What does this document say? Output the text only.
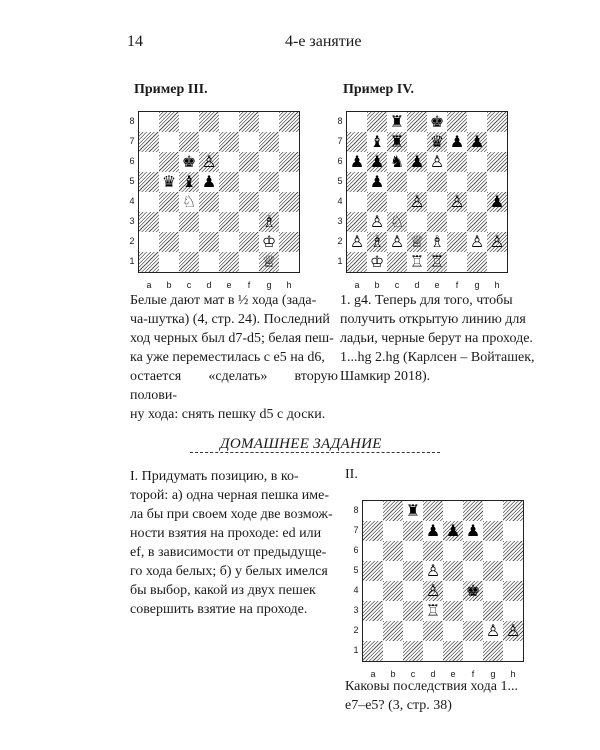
14	4-е занятие
Пример III.
8
7
6
5
4
3
2
1
a	b	c	d	e	f	g	h
♚ ♙
♛ ♝ ♟
♘
♗
♔
♕
Белые дают мат в ½ хода (зада-
ча-шутка) (4, стр. 24). Последний
ход черных был d7-d5; белая пеш-
ка уже переместилась с e5 на d6,
остается «сделать» вторую полови-
ну хода: снять пешку d5 с доски.
Пример IV.
8
7
6
5
4
3
2
1
a	b	c	d	e	f	g	h
♜ ♚
♝ ♜ ♛ ♟ ♟
♟ ♟ ♞ ♟ ♙
♟
♙ ♙ ♟
♙ ♘
♙ ♗ ♙ ♕ ♗ ♙ ♙
♔ ♖ ♖
1. g4. Теперь для того, чтобы
получить открытую линию для
ладьи, черные берут на проходе.
1...hg 2.hg (Карлсен – Войташек,
Шамкир 2018).
ДОМАШНЕЕ ЗАДАНИЕ
I. Придумать позицию, в ко-
торой: а) одна черная пешка име-
ла бы при своем ходе две возмож-
ности взятия на проходе: ed или
ef, в зависимости от предыдуще-
го хода белых; б) у белых имелся
бы выбор, какой из двух пешек
совершить взятие на проходе.
II.
8
7
6
5
4
3
2
1
a	b	c	d	e	f	g	h
♜
♟ ♟ ♟
♙ ♚
♙
♖
♙ ♙
Каковы последствия хода 1...
e7–e5? (3, стр. 38)
